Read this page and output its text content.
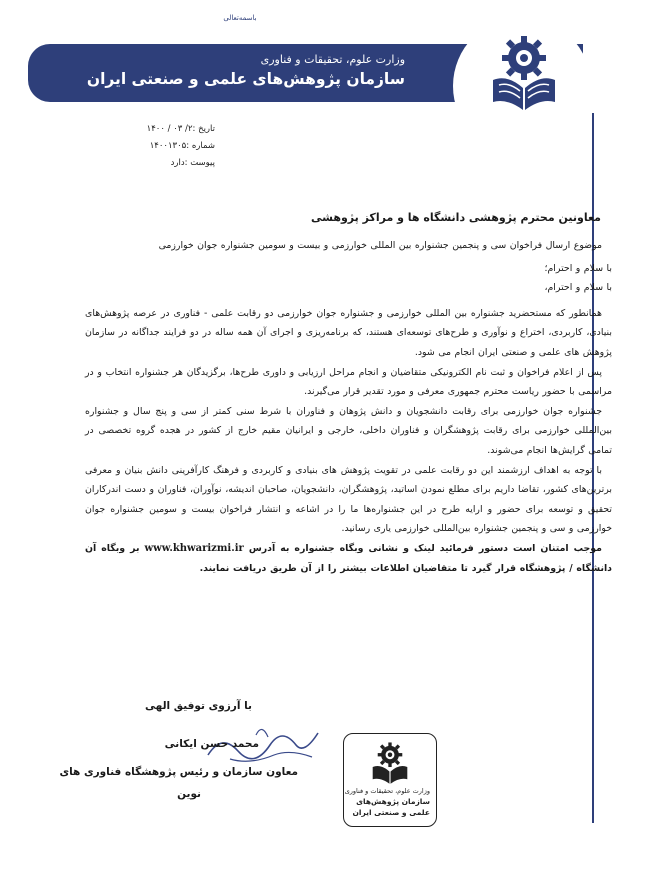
باسمه‌تعالی
وزارت علوم، تحقیقات و فناوری
سازمان پژوهش‌های علمی و صنعتی ایران
تاریخ :۲/ ۰۳ / ۱۴۰۰
شماره :۱۴۰۰۱۳۰۵
پیوست :دارد
معاونین محترم پژوهشی دانشگاه ها و مراکز پژوهشی

موضوع ارسال فراخوان سی و پنجمین جشنواره بین المللی خوارزمی و بیست و سومین جشنواره جوان خوارزمی

با سلام و احترام؛

با سلام و احترام،

همانطور که مستحضرید جشنواره بین المللی خوارزمی و جشنواره جوان خوارزمی دو رقابت علمی - فناوری در عرصه پژوهش‌های بنیادی، کاربردی، اختراع و نوآوری و طرح‌های توسعه‌ای هستند، که برنامه‌ریزی و اجرای آن همه ساله در دو فرایند جداگانه در سازمان پژوهش های علمی و صنعتی ایران انجام می شود.

پس از اعلام فراخوان و ثبت نام الکترونیکی متقاضیان و انجام مراحل ارزیابی و داوری طرح‌ها، برگزیدگان هر جشنواره انتخاب و در مراسمی با حضور ریاست محترم جمهوری معرفی و مورد تقدیر قرار می‌گیرند.

جشنواره جوان خوارزمی برای رقابت دانشجویان و دانش پژوهان و فناوران با شرط سنی کمتر از سی و پنج سال و جشنواره بین‌المللی خوارزمی برای رقابت پژوهشگران و فناوران داخلی، خارجی و ایرانیان مقیم خارج از کشور در هجده گروه تخصصی در تمامی گرایش‌ها انجام می‌شوند.

با توجه به اهداف ارزشمند این دو رقابت علمی در تقویت پژوهش های بنیادی و کاربردی و فرهنگ کارآفرینی دانش بنیان و معرفی برترین‌های کشور، تقاضا داریم برای مطلع نمودن اساتید، پژوهشگران، دانشجویان، صاحبان اندیشه، نوآوران، فناوران و دست اندرکاران تحقیق و توسعه برای حضور و ارایه طرح در این جشنواره‌ها ما را در اشاعه و انتشار فراخوان بیست و سومین جشنواره جوان خوارزمی و سی و پنجمین جشنواره بین‌المللی خوارزمی یاری رسانید.

موجب امتنان است دستور فرمائید لینک و نشانی وبگاه جشنواره به آدرس www.khwarizmi.ir بر وبگاه آن دانشگاه / پژوهشگاه قرار گیرد تا متقاضیان اطلاعات بیشتر را از آن طریق دریافت نمایند.

با آرزوی توفیق الهی
محمد حسن ایکانی
معاون سازمان و رئیس پژوهشگاه فناوری های
نوین	وزارت علوم، تحقیقات و فناوری
سازمان پژوهش‌های
علمی و صنعتی ایران
